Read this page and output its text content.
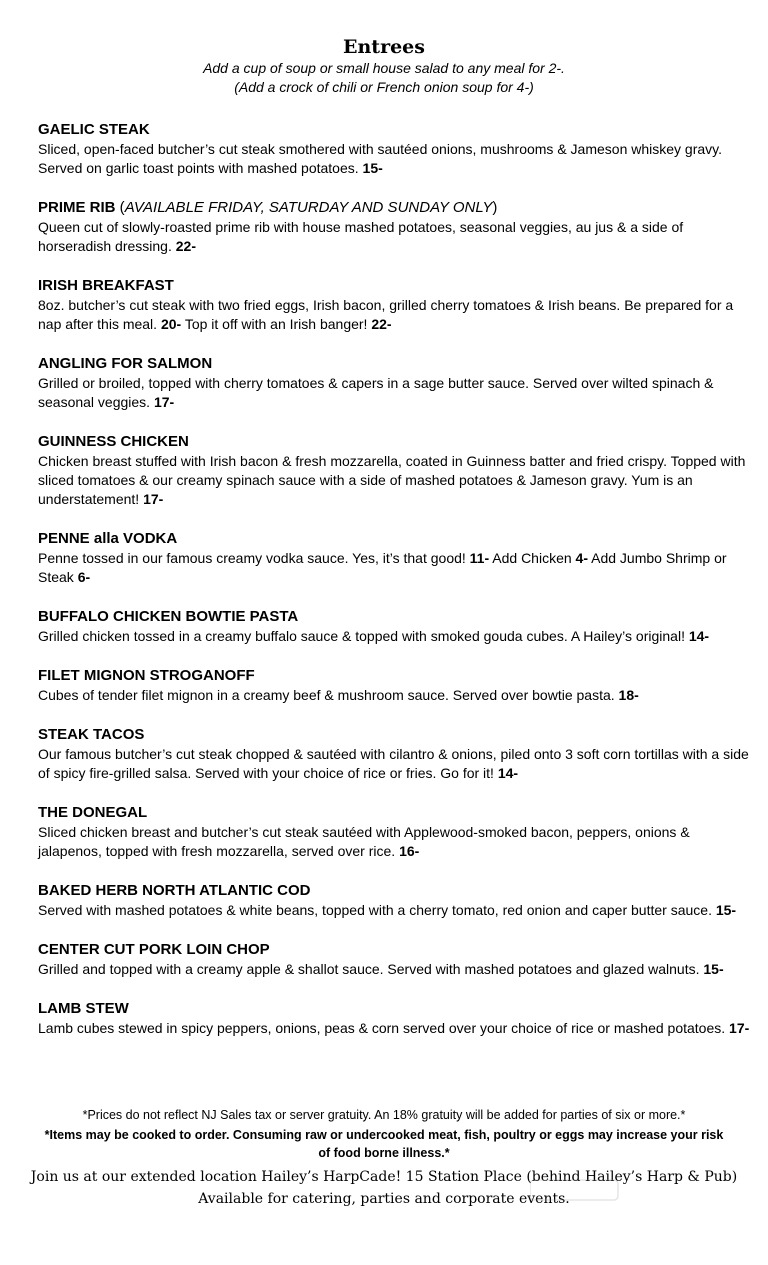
Entrees

Add a cup of soup or small house salad to any meal for 2-.

(Add a crock of chili or French onion soup for 4-)

GAELIC STEAK

Sliced, open-faced butcher’s cut steak smothered with sautéed onions, mushrooms & Jameson whiskey gravy. Served on garlic toast points with mashed potatoes. 15-

PRIME RIB (AVAILABLE FRIDAY, SATURDAY AND SUNDAY ONLY)

Queen cut of slowly-roasted prime rib with house mashed potatoes, seasonal veggies, au jus & a side of horseradish dressing. 22-

IRISH BREAKFAST

8oz. butcher’s cut steak with two fried eggs, Irish bacon, grilled cherry tomatoes & Irish beans. Be prepared for a nap after this meal. 20- Top it off with an Irish banger! 22-

ANGLING FOR SALMON

Grilled or broiled, topped with cherry tomatoes & capers in a sage butter sauce. Served over wilted spinach & seasonal veggies. 17-

GUINNESS CHICKEN

Chicken breast stuffed with Irish bacon & fresh mozzarella, coated in Guinness batter and fried crispy. Topped with sliced tomatoes & our creamy spinach sauce with a side of mashed potatoes & Jameson gravy. Yum is an understatement! 17-

PENNE alla VODKA

Penne tossed in our famous creamy vodka sauce. Yes, it’s that good! 11- Add Chicken 4- Add Jumbo Shrimp or Steak 6-

BUFFALO CHICKEN BOWTIE PASTA

Grilled chicken tossed in a creamy buffalo sauce & topped with smoked gouda cubes. A Hailey’s original! 14-

FILET MIGNON STROGANOFF

Cubes of tender filet mignon in a creamy beef & mushroom sauce. Served over bowtie pasta. 18-

STEAK TACOS

Our famous butcher’s cut steak chopped & sautéed with cilantro & onions, piled onto 3 soft corn tortillas with a side of spicy fire-grilled salsa. Served with your choice of rice or fries. Go for it! 14-

THE DONEGAL

Sliced chicken breast and butcher’s cut steak sautéed with Applewood-smoked bacon, peppers, onions & jalapenos, topped with fresh mozzarella, served over rice. 16-

BAKED HERB NORTH ATLANTIC COD

Served with mashed potatoes & white beans, topped with a cherry tomato, red onion and caper butter sauce. 15-

CENTER CUT PORK LOIN CHOP

Grilled and topped with a creamy apple & shallot sauce. Served with mashed potatoes and glazed walnuts. 15-

LAMB STEW

Lamb cubes stewed in spicy peppers, onions, peas & corn served over your choice of rice or mashed potatoes. 17-

*Prices do not reflect NJ Sales tax or server gratuity. An 18% gratuity will be added for parties of six or more.*

*Items may be cooked to order. Consuming raw or undercooked meat, fish, poultry or eggs may increase your risk of food borne illness.*

Join us at our extended location Hailey’s HarpCade! 15 Station Place (behind Hailey’s Harp & Pub)

Available for catering, parties and corporate events.
